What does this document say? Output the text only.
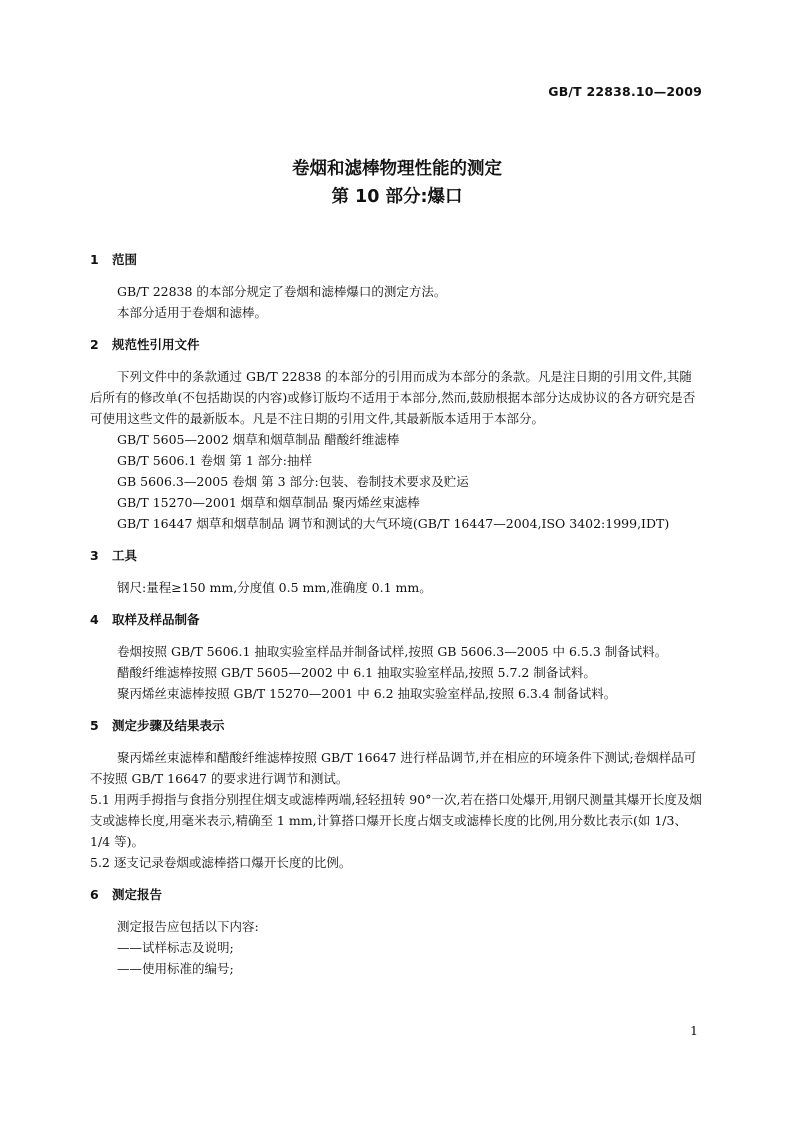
GB/T 22838.10—2009
卷烟和滤棒物理性能的测定
第 10 部分:爆口
1 范围

GB/T 22838 的本部分规定了卷烟和滤棒爆口的测定方法。

本部分适用于卷烟和滤棒。

2 规范性引用文件

下列文件中的条款通过 GB/T 22838 的本部分的引用而成为本部分的条款。凡是注日期的引用文件,其随后所有的修改单(不包括勘误的内容)或修订版均不适用于本部分,然而,鼓励根据本部分达成协议的各方研究是否可使用这些文件的最新版本。凡是不注日期的引用文件,其最新版本适用于本部分。

GB/T 5605—2002 烟草和烟草制品 醋酸纤维滤棒

GB/T 5606.1 卷烟 第 1 部分:抽样

GB 5606.3—2005 卷烟 第 3 部分:包装、卷制技术要求及贮运

GB/T 15270—2001 烟草和烟草制品 聚丙烯丝束滤棒

GB/T 16447 烟草和烟草制品 调节和测试的大气环境(GB/T 16447—2004,ISO 3402:1999,IDT)

3 工具

钢尺:量程≥150 mm,分度值 0.5 mm,准确度 0.1 mm。

4 取样及样品制备

卷烟按照 GB/T 5606.1 抽取实验室样品并制备试样,按照 GB 5606.3—2005 中 6.5.3 制备试料。

醋酸纤维滤棒按照 GB/T 5605—2002 中 6.1 抽取实验室样品,按照 5.7.2 制备试料。

聚丙烯丝束滤棒按照 GB/T 15270—2001 中 6.2 抽取实验室样品,按照 6.3.4 制备试料。

5 测定步骤及结果表示

聚丙烯丝束滤棒和醋酸纤维滤棒按照 GB/T 16647 进行样品调节,并在相应的环境条件下测试;卷烟样品可不按照 GB/T 16647 的要求进行调节和测试。

5.1 用两手拇指与食指分别捏住烟支或滤棒两端,轻轻扭转 90°一次,若在搭口处爆开,用钢尺测量其爆开长度及烟支或滤棒长度,用毫米表示,精确至 1 mm,计算搭口爆开长度占烟支或滤棒长度的比例,用分数比表示(如 1/3、1/4 等)。

5.2 逐支记录卷烟或滤棒搭口爆开长度的比例。

6 测定报告

测定报告应包括以下内容:

——试样标志及说明;

——使用标准的编号;

1
